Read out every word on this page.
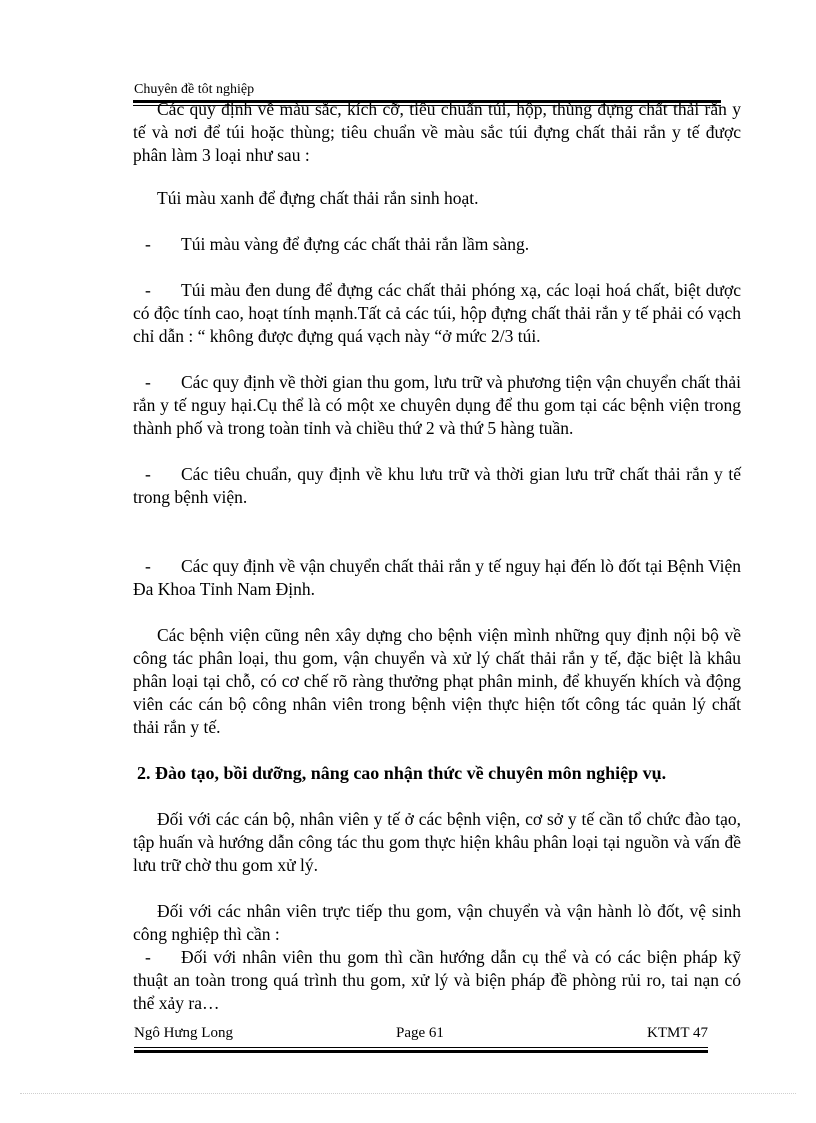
Chuyên đề tôt nghiệp

Các quy định về màu sắc, kích cỡ, tiêu chuẩn túi, hộp, thùng đựng chất thải rắn y tế và nơi để túi hoặc thùng; tiêu chuẩn về màu sắc túi đựng chất thải rắn y tế được phân làm 3 loại như sau :

Túi màu xanh để đựng chất thải rắn sinh hoạt.

-	Túi màu vàng để đựng các chất thải rắn lầm sàng.

- Túi màu đen dung để đựng các chất thải phóng xạ, các loại hoá chất, biệt dược có độc tính cao, hoạt tính mạnh.Tất cả các túi, hộp đựng chất thải rắn y tế phải có vạch chỉ dẫn : “ không được đựng quá vạch này “ở mức 2/3 túi.

- Các quy định về thời gian thu gom, lưu trữ và phương tiện vận chuyển chất thải rắn y tế nguy hại.Cụ thể là có một xe chuyên dụng để thu gom tại các bệnh viện trong thành phố và trong toàn tỉnh và chiều thứ 2 và thứ 5 hàng tuần.

- Các tiêu chuẩn, quy định về khu lưu trữ và thời gian lưu trữ chất thải rắn y tế trong bệnh viện.

- Các quy định về vận chuyển chất thải rắn y tế nguy hại đến lò đốt tại Bệnh Viện Đa Khoa Tỉnh Nam Định.

Các bệnh viện cũng nên xây dựng cho bệnh viện mình những quy định nội bộ về công tác phân loại, thu gom, vận chuyển và xử lý chất thải rắn y tế, đặc biệt là khâu phân loại tại chỗ, có cơ chế rõ ràng thưởng phạt phân minh, để khuyến khích và động viên các cán bộ công nhân viên trong bệnh viện thực hiện tốt công tác quản lý chất thải rắn y tế.

2. Đào tạo, bồi dưỡng, nâng cao nhận thức về chuyên môn nghiệp vụ.

Đối với các cán bộ, nhân viên y tế ở các bệnh viện, cơ sở y tế cần tổ chức đào tạo, tập huấn và hướng dẫn công tác thu gom thực hiện khâu phân loại tại nguồn và vấn đề lưu trữ chờ thu gom xử lý.

Đối với các nhân viên trực tiếp thu gom, vận chuyển và vận hành lò đốt, vệ sinh công nghiệp thì cần :

- Đối với nhân viên thu gom thì cần hướng dẫn cụ thể và có các biện pháp kỹ thuật an toàn trong quá trình thu gom, xử lý và biện pháp đề phòng rủi ro, tai nạn có thể xảy ra…

Ngô Hưng Long	Page 61	KTMT 47
